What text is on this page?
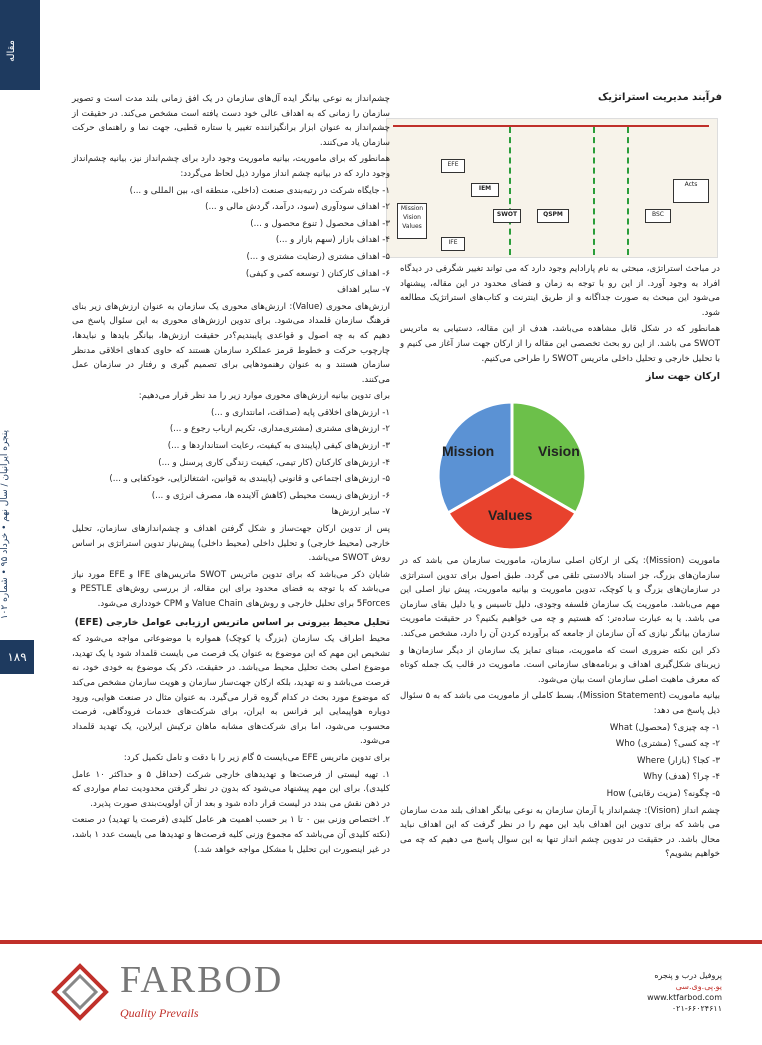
مقاله
پنجره ایرانیان / سال نهم • خرداد ۹۵ • شماره ۱۰۲
۱۸۹
فرآیند مدیریت استراتژیک
Mission
Vision
Values
IEM
SWOT	QSPM
IFE
EFE
BSC
Acts

در مباحث استراتژی، مبحثی به نام پارادایم وجود دارد که می تواند تغییر شگرفی در دیدگاه افراد به وجود آورد. از این رو با توجه به زمان و فضای محدود در این مقاله، پیشنهاد می‌شود این مبحث به صورت جداگانه و از طریق اینترنت و کتاب‌های استراتژیک مطالعه شود.

همانطور که در شکل قابل مشاهده می‌باشد، هدف از این مقاله، دستیابی به ماتریس SWOT می باشد. از این رو بحث تخصصی این مقاله را از ارکان جهت ساز آغاز می کنیم و با تحلیل خارجی و تحلیل داخلی ماتریس SWOT را طراحی می‌کنیم.

ارکان جهت ساز

Vision
Mission
Values

ماموریت (Mission): یکی از ارکان اصلی سازمان، ماموریت سازمان می باشد که در سازمان‌های بزرگ، جز اسناد بالادستی تلقی می گردد. طبق اصول برای تدوین استراتژی در سازمان‌های بزرگ و یا کوچک، تدوین ماموریت و بیانیه ماموریت، پیش نیاز اصلی این مهم می‌باشد. ماموریت یک سازمان فلسفه وجودی، دلیل تاسیس و یا دلیل بقای سازمان می باشد. یا به عبارت ساده‌تر: که هستیم و چه می خواهیم بکنیم؟ در حقیقت ماموریت سازمان بیانگر نیازی که آن سازمان از جامعه که برآورده کردن آن را دارد، مشخص می‌کند.

ذکر این نکته ضروری است که ماموریت، مبنای تمایز یک سازمان از دیگر سازمان‌ها و زیربنای شکل‌گیری اهداف و برنامه‌های سازمانی است. ماموریت در قالب یک جمله کوتاه که معرف ماهیت اصلی سازمان است بیان می‌شود.

بیانیه ماموریت (Mission Statement)، بسط کاملی از ماموریت می باشد که به ۵ سئوال ذیل پاسخ می دهد:

۱- چه چیزی؟ (محصول) What

۲- چه کسی؟ (مشتری) Who

۳- کجا؟ (بازار) Where

۴- چرا؟ (هدف) Why

۵- چگونه؟ (مزیت رقابتی) How

چشم انداز (Vision): چشم‌انداز یا آرمان سازمان به نوعی بیانگر اهداف بلند مدت سازمان می باشد که برای تدوین این اهداف باید این مهم را در نظر گرفت که این اهداف نباید محال باشد. در حقیقت در تدوین چشم انداز تنها به این سوال پاسخ می دهیم که چه می خواهیم بشویم؟

چشم‌انداز به نوعی بیانگر ایده آل‌های سازمان در یک افق زمانی بلند مدت است و تصویر سازمان را زمانی که به اهداف عالی خود دست یافته است مشخص می‌کند. در حقیقت از چشم‌انداز به عنوان ابزار برانگیزاننده تغییر یا ستاره قطبی، جهت نما و راهنمای حرکت سازمان یاد می‌کنند.

همانطور که برای ماموریت، بیانیه ماموریت وجود دارد برای چشم‌انداز نیز، بیانیه چشم‌انداز وجود دارد که در بیانیه چشم انداز موارد ذیل لحاظ می‌گردد:

۱- جایگاه شرکت در رتبه‌بندی صنعت (داخلی، منطقه ای، بین المللی و ...)

۲- اهداف سودآوری (سود، درآمد، گردش مالی و ...)

۳- اهداف محصول ( تنوع محصول و ...)

۴- اهداف بازار (سهم بازار و ...)

۵- اهداف مشتری (رضایت مشتری و ...)

۶- اهداف کارکنان ( توسعه کمی و کیفی)

۷- سایر اهداف

ارزش‌های محوری (Value): ارزش‌های محوری یک سازمان به عنوان ارزش‌های زیر بنای فرهنگ سازمان قلمداد می‌شود. برای تدوین ارزش‌های محوری به این سئوال پاسخ می دهیم که به چه اصول و قواعدی پایبندیم؟در حقیقت ارزش‌ها، بیانگر بایدها و نبایدها، چارچوب حرکت و خطوط قرمز عملکرد سازمان هستند که حاوی کدهای اخلاقی مدنظر سازمان هستند و به عنوان رهنمودهایی برای تصمیم گیری و رفتار در سازمان عمل می‌کنند.

برای تدوین بیانیه ارزش‌های محوری موارد زیر را مد نظر قرار می‌دهیم:

۱- ارزش‌های اخلاقی پایه (صداقت، امانتداری و ...)

۲- ارزش‌های مشتری (مشتری‌مداری، تکریم ارباب رجوع و ...)

۳- ارزش‌های کیفی (پایبندی به کیفیت، رعایت استانداردها و ...)

۴- ارزش‌های کارکنان (کار تیمی، کیفیت زندگی کاری پرسنل و ...)

۵- ارزش‌های اجتماعی و قانونی (پایبندی به قوانین، اشتغالزایی، خودکفایی و ...)

۶- ارزش‌های زیست محیطی (کاهش آلاینده ها، مصرف انرژی و ...)

۷- سایر ارزش‌ها

پس از تدوین ارکان جهت‌ساز و شکل گرفتن اهداف و چشم‌اندازهای سازمان، تحلیل خارجی (محیط خارجی) و تحلیل داخلی (محیط داخلی) پیش‌نیاز تدوین استراتژی بر اساس روش SWOT می‌باشد.

شایان ذکر می‌باشد که برای تدوین ماتریس SWOT ماتریس‌های IFE و EFE مورد نیاز می‌باشد که با توجه به فضای محدود برای این مقاله، از بررسی روش‌های PESTLE و 5Forces برای تحلیل خارجی و روش‌های Value Chain و CPM خودداری می‌شود.

تحلیل محیط بیرونی بر اساس ماتریس ارزیابی عوامل خارجی (EFE)

محیط اطراف یک سازمان (بزرگ یا کوچک) همواره با موضوعاتی مواجه می‌شود که تشخیص این مهم که این موضوع به عنوان یک فرصت می بایست قلمداد شود یا یک تهدید، موضوع اصلی بحث تحلیل محیط می‌باشد. در حقیقت، ذکر یک موضوع به خودی خود، نه فرصت می‌باشد و نه تهدید، بلکه ارکان جهت‌ساز سازمان و هویت سازمان مشخص می‌کند که موضوع مورد بحث در کدام گروه قرار می‌گیرد. به عنوان مثال در صنعت هوایی، ورود دو‌باره هواپیمایی ایر فرانس به ایران، برای شرکت‌های خدمات فرودگاهی، فرصت محسوب می‌شود، اما برای شرکت‌های مشابه ماهان ترکیش ایرلاین، یک تهدید قلمداد می‌شود.

برای تدوین ماتریس EFE می‌بایست ۵ گام زیر را با دقت و تامل تکمیل کرد:

۱. تهیه لیستی از فرصت‌ها و تهدیدهای خارجی شرکت (حداقل ۵ و حداکثر ۱۰ عامل کلیدی). برای این مهم پیشنهاد می‌شود که بدون در نظر گرفتن محدودیت تمام مواردی که در ذهن نقش می بندد در لیست قرار داده شود و بعد از آن اولویت‌بندی صورت پذیرد.

۲. اختصاص وزنی بین ۰ تا ۱ بر حسب اهمیت هر عامل کلیدی (فرصت یا تهدید) در صنعت (نکته کلیدی آن می‌باشد که مجموع وزنی کلیه فرصت‌ها و تهدیدها می بایست عدد ۱ باشد، در غیر اینصورت این تحلیل با مشکل مواجه خواهد شد.)

FARBOD
Quality Prevails
پروفیل درب و پنجره
یو.پی.وی.سی
www.ktfarbod.com
۰۲۱-۶۶۰۲۴۶۱۱
